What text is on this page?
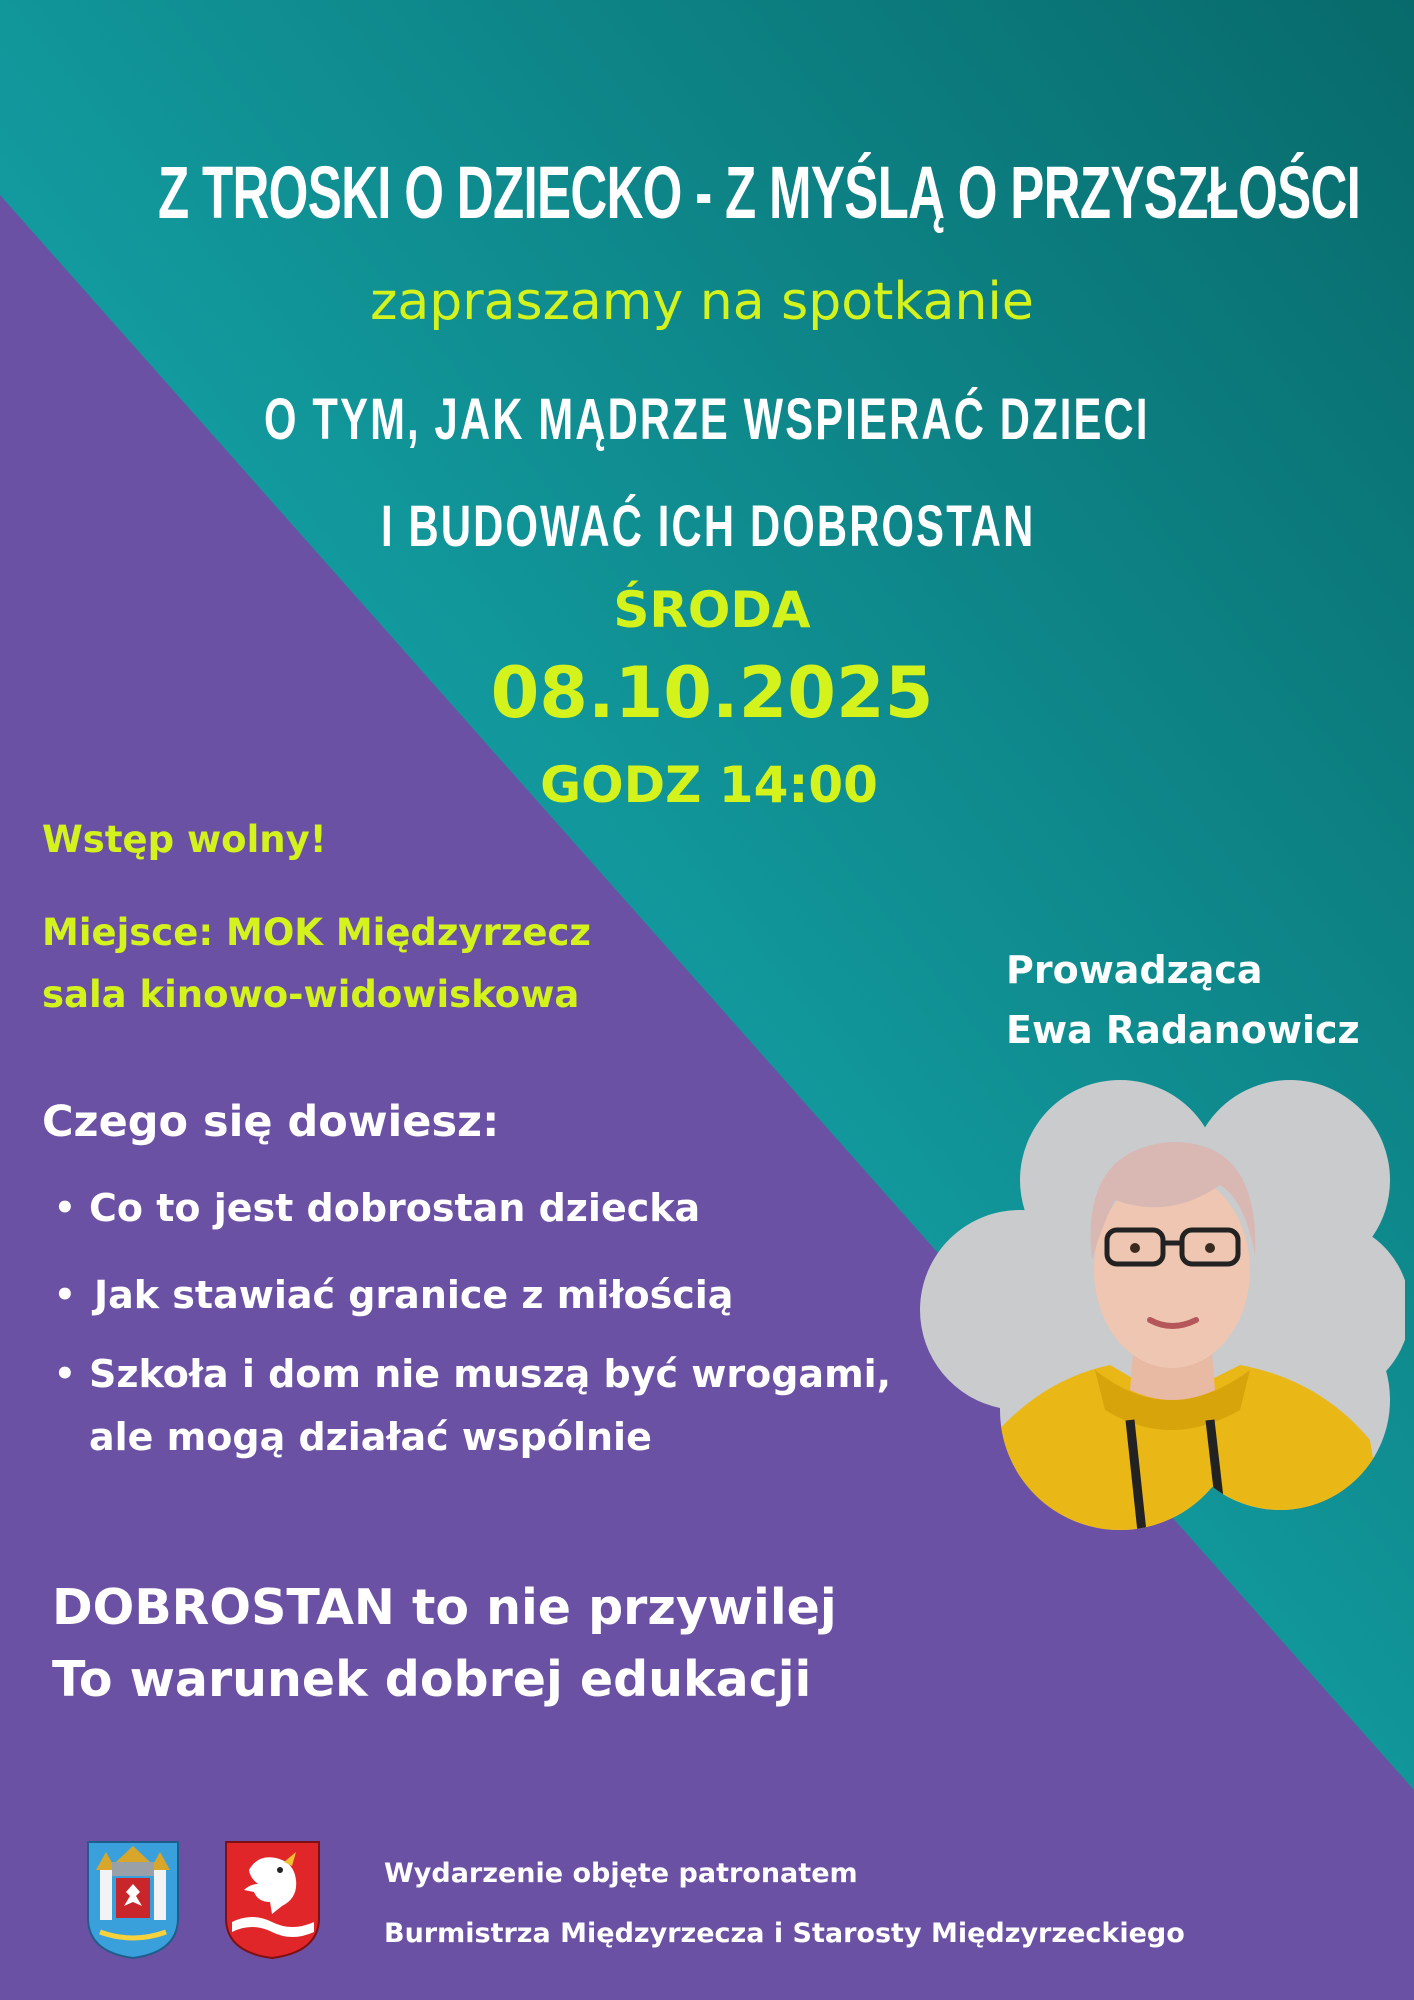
Z TROSKI O DZIECKO - Z MYŚLĄ O PRZYSZŁOŚCI
zapraszamy na spotkanie
O TYM, JAK MĄDRZE WSPIERAĆ DZIECI
I BUDOWAĆ ICH DOBROSTAN
ŚRODA
08.10.2025
GODZ 14:00
Wstęp wolny!
Miejsce: MOK Międzyrzecz
sala kinowo-widowiskowa
Prowadząca
Ewa Radanowicz
Czego się dowiesz:
• Co to jest dobrostan dziecka
• Jak stawiać granice z miłością
• Szkoła i dom nie muszą być wrogami,
ale mogą działać wspólnie
DOBROSTAN to nie przywilej
To warunek dobrej edukacji
Wydarzenie objęte patronatem
Burmistrza Międzyrzecza i Starosty Międzyrzeckiego
